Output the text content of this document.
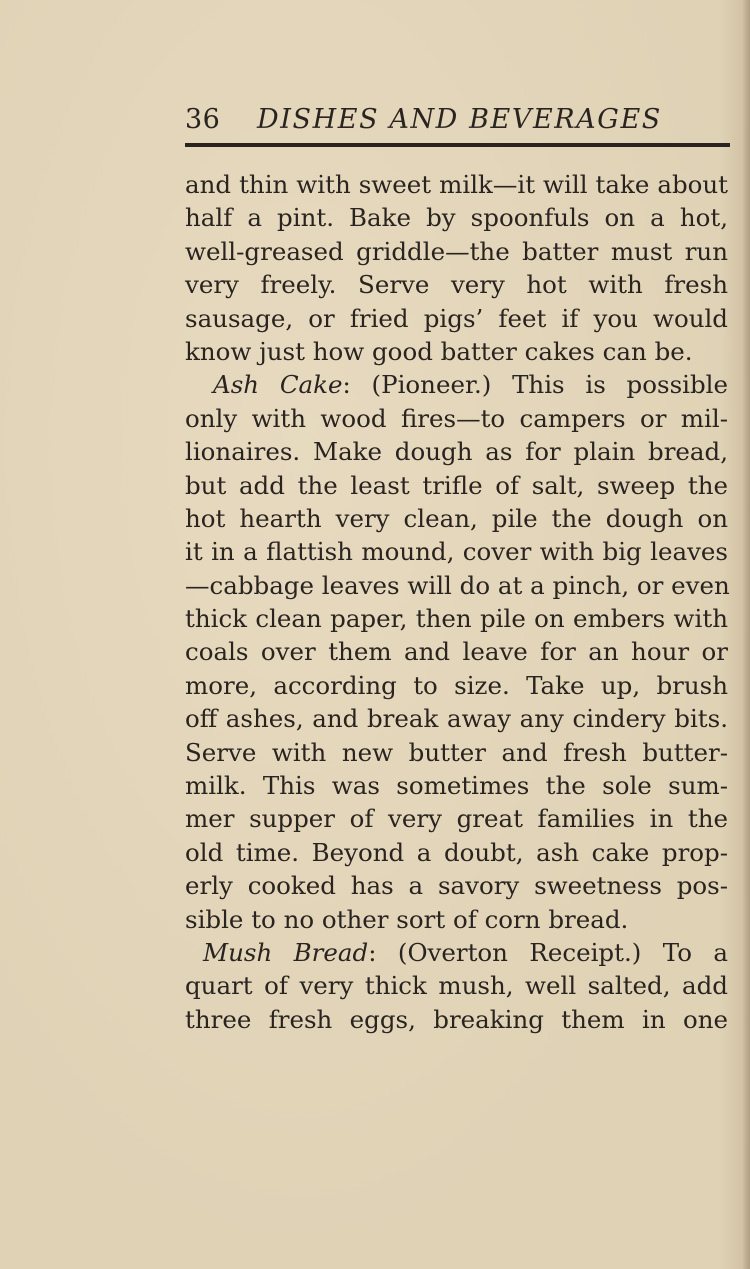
36 DISHES AND BEVERAGES
and thin with sweet milk—it will take about
half a pint. Bake by spoonfuls on a hot,
well-greased griddle—the batter must run
very freely. Serve very hot with fresh
sausage, or fried pigs’ feet if you would
know just how good batter cakes can be.
Ash Cake: (Pioneer.) This is possible
only with wood fires—to campers or mil-
lionaires. Make dough as for plain bread,
but add the least trifle of salt, sweep the
hot hearth very clean, pile the dough on
it in a flattish mound, cover with big leaves
—cabbage leaves will do at a pinch, or even
thick clean paper, then pile on embers with
coals over them and leave for an hour or
more, according to size. Take up, brush
off ashes, and break away any cindery bits.
Serve with new butter and fresh butter-
milk. This was sometimes the sole sum-
mer supper of very great families in the
old time. Beyond a doubt, ash cake prop-
erly cooked has a savory sweetness pos-
sible to no other sort of corn bread.
Mush Bread: (Overton Receipt.) To a
quart of very thick mush, well salted, add
three fresh eggs, breaking them in one
